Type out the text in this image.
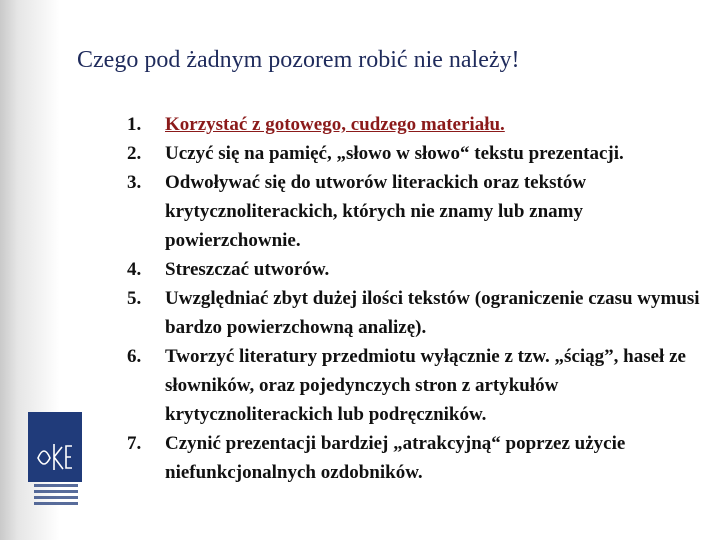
Czego pod żadnym pozorem robić nie należy!
1. Korzystać z gotowego, cudzego materiału.
2. Uczyć się na pamięć, „słowo w słowo“ tekstu prezentacji.
3. Odwoływać się do utworów literackich oraz tekstów krytycznoliterackich, których nie znamy lub znamy powierzchownie.
4. Streszczać utworów.
5. Uwzględniać zbyt dużej ilości tekstów (ograniczenie czasu wymusi bardzo powierzchowną analizę).
6. Tworzyć literatury przedmiotu wyłącznie z tzw. „ściąg”, haseł ze słowników, oraz pojedynczych stron z artykułów krytycznoliterackich lub podręczników.
7. Czynić prezentacji bardziej „atrakcyjną“ poprzez użycie niefunkcjonalnych ozdobników.
